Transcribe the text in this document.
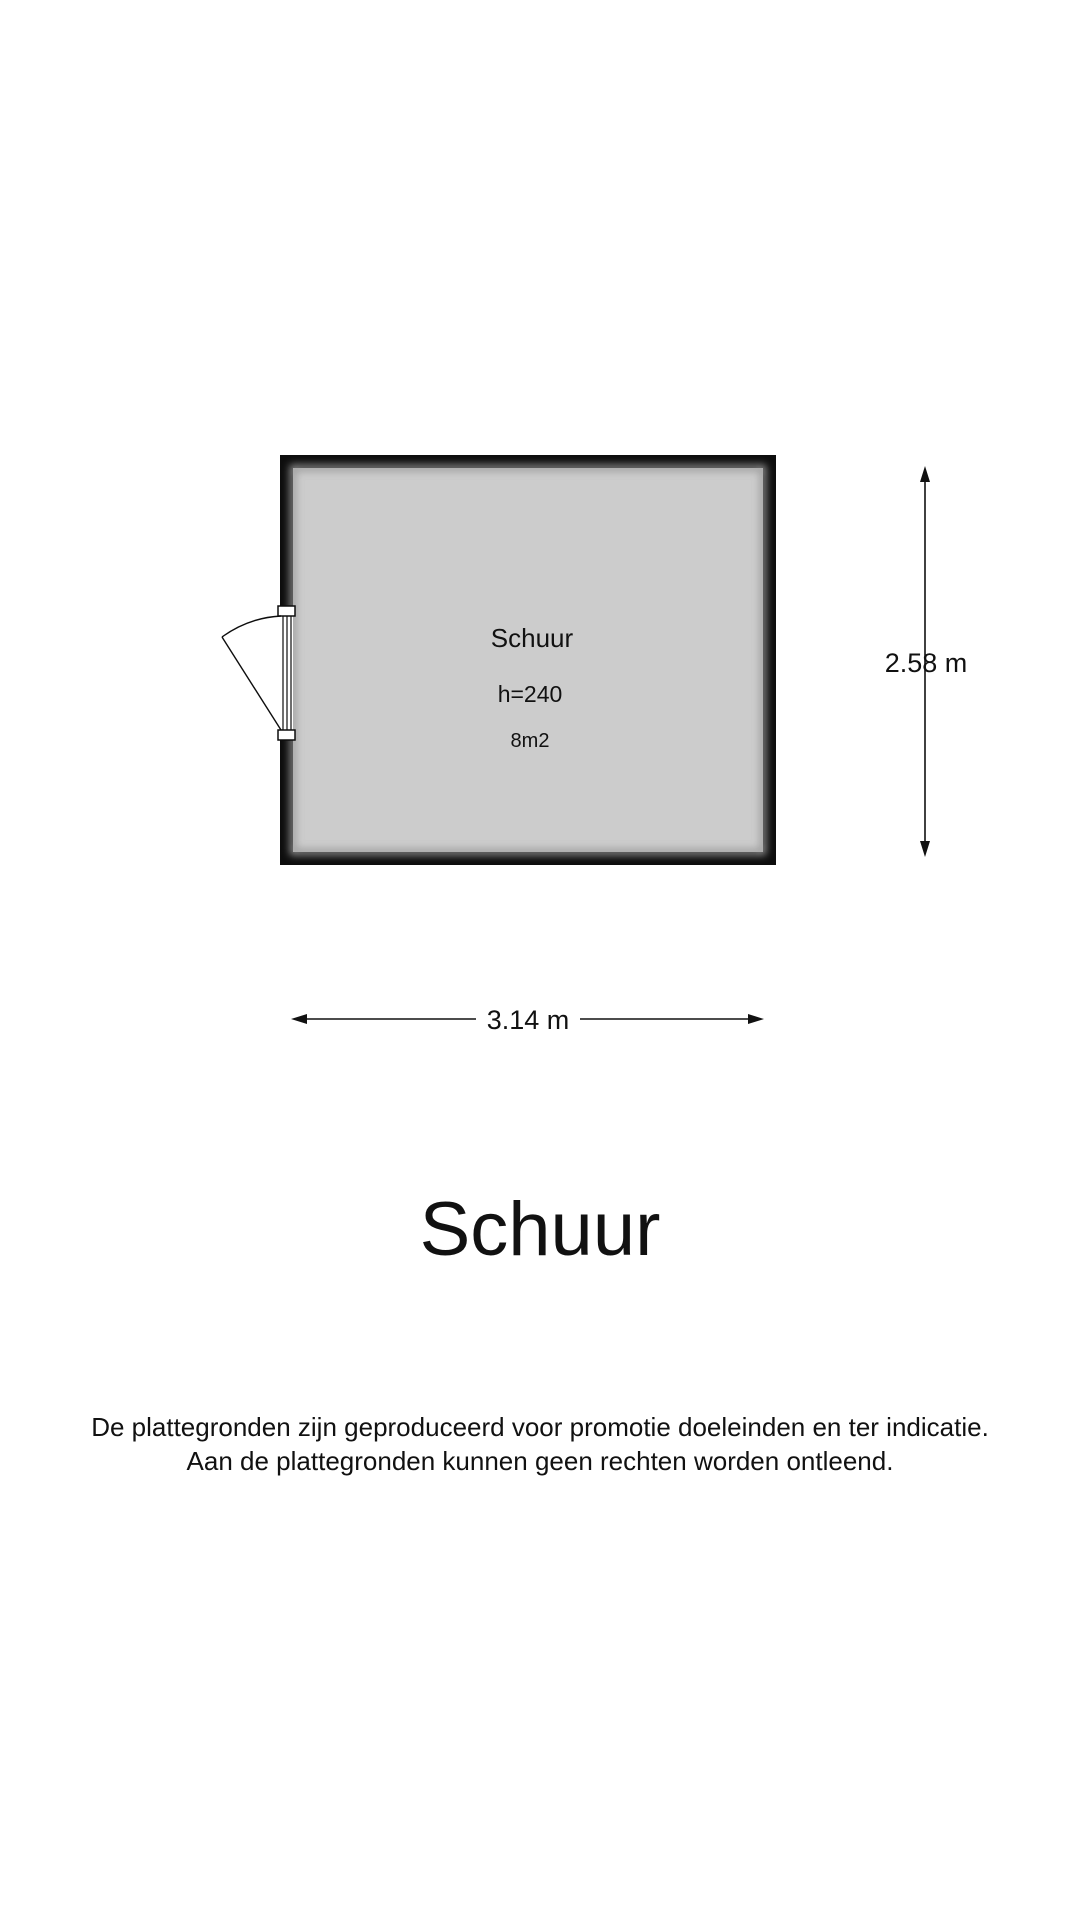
Schuur
h=240
8m2
2.58 m
3.14 m
Schuur
De plattegronden zijn geproduceerd voor promotie doeleinden en ter indicatie.
Aan de plattegronden kunnen geen rechten worden ontleend.
